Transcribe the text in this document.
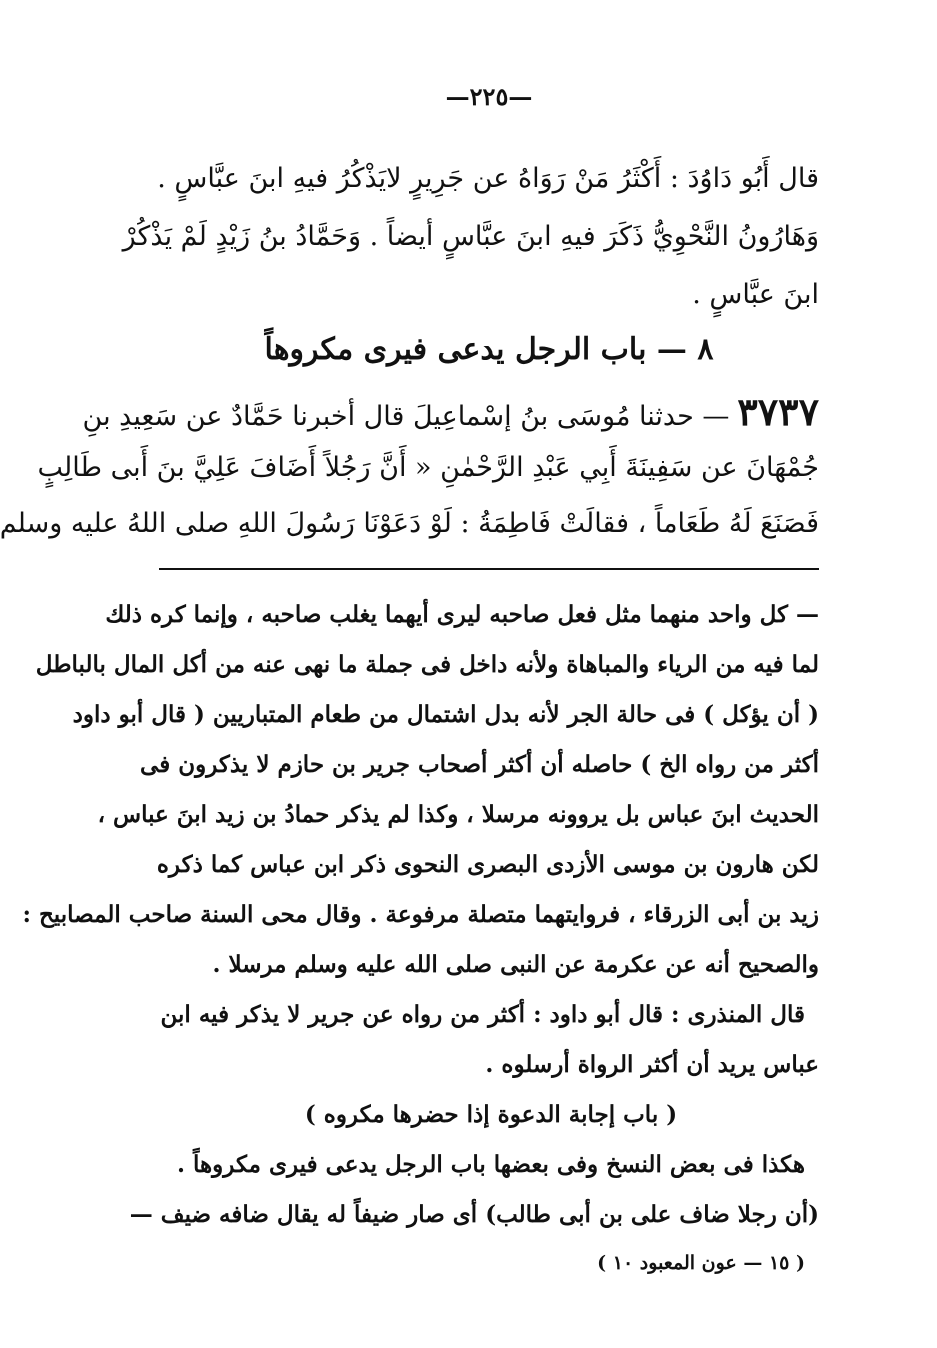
—٢٢٥—
قال أَبُو دَاوُدَ : أَكْثَرُ مَنْ رَوَاهُ عن جَرِيرٍ لايَذْكُرُ فيهِ ابنَ عبَّاسٍ .
وَهَارُونُ النَّحْوِيُّ ذَكَرَ فيهِ ابنَ عبَّاسٍ أيضاً . وَحَمَّادُ بنُ زَيْدٍ لَمْ يَذْكُرْ
ابنَ عبَّاسٍ .
٨ — باب الرجل يدعى فيرى مكروهاً
٣٧٣٧— حدثنا مُوسَى بنُ إسْماعِيلَ قال أخبرنا حَمَّادٌ عن سَعِيدِ بنِ
جُمْهَانَ عن سَفِينَةَ أَبِي عَبْدِ الرَّحْمٰنِ « أَنَّ رَجُلاً أَضَافَ عَلِيَّ بنَ أَبى طَالِبٍ
فَصَنَعَ لَهُ طَعَاماً ، فقالَتْ فَاطِمَةُ : لَوْ دَعَوْنَا رَسُولَ اللهِ صلى اللهُ عليه وسلم
— كل واحد منهما مثل فعل صاحبه ليرى أيهما يغلب صاحبه ، وإنما كره ذلك
لما فيه من الرياء والمباهاة ولأنه داخل فى جملة ما نهى عنه من أكل المال بالباطل
( أن يؤكل ) فى حالة الجر لأنه بدل اشتمال من طعام المتباريين ( قال أبو داود
أكثر من رواه الخ ) حاصله أن أكثر أصحاب جرير بن حازم لا يذكرون فى
الحديث ابنَ عباس بل يروونه مرسلا ، وكذا لم يذكر حمادُ بن زيد ابنَ عباس ،
لكن هارون بن موسى الأزدى البصرى النحوى ذكر ابن عباس كما ذكره
زيد بن أبى الزرقاء ، فروايتهما متصلة مرفوعة . وقال محى السنة صاحب المصابيح :
والصحيح أنه عن عكرمة عن النبى صلى الله عليه وسلم مرسلا .
قال المنذرى : قال أبو داود : أكثر من رواه عن جرير لا يذكر فيه ابن
عباس يريد أن أكثر الرواة أرسلوه .
( باب إجابة الدعوة إذا حضرها مكروه )
هكذا فى بعض النسخ وفى بعضها باب الرجل يدعى فيرى مكروهاً .
(أن رجلا ضاف على بن أبى طالب) أى صار ضيفاً له يقال ضافه ضيف —
( ١٥ — عون المعبود ١٠ )
